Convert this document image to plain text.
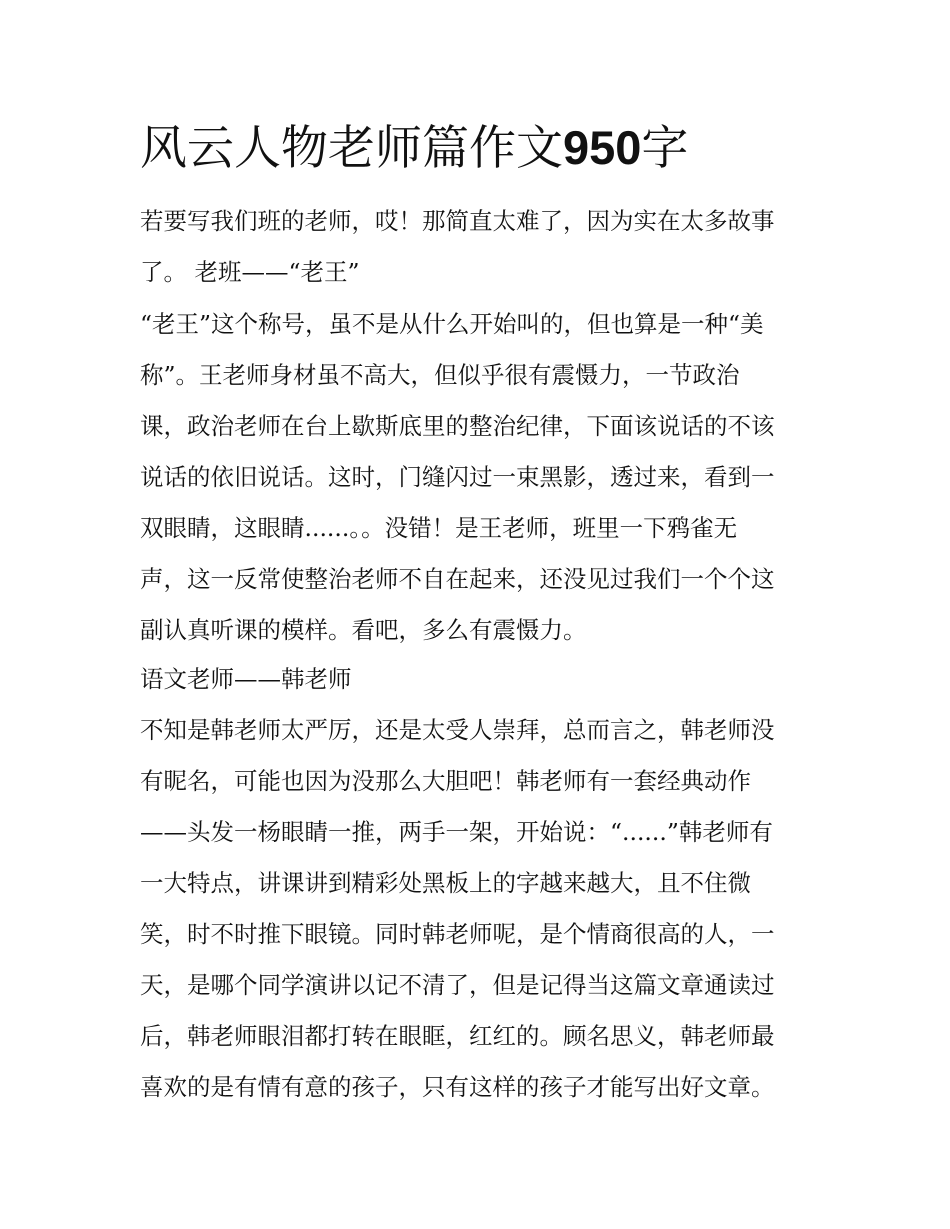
风云人物老师篇作文950字
若要写我们班的老师，哎！那简直太难了，因为实在太多故事
了。 老班——“老王”
“老王”这个称号，虽不是从什么开始叫的，但也算是一种“美
称”。王老师身材虽不高大，但似乎很有震慑力，一节政治
课，政治老师在台上歇斯底里的整治纪律，下面该说话的不该
说话的依旧说话。这时，门缝闪过一束黑影，透过来，看到一
双眼睛，这眼睛......。。没错！是王老师，班里一下鸦雀无
声，这一反常使整治老师不自在起来，还没见过我们一个个这
副认真听课的模样。看吧，多么有震慑力。
语文老师——韩老师
不知是韩老师太严厉，还是太受人崇拜，总而言之，韩老师没
有昵名，可能也因为没那么大胆吧！韩老师有一套经典动作
——头发一杨眼睛一推，两手一架，开始说：“......”韩老师有
一大特点，讲课讲到精彩处黑板上的字越来越大，且不住微
笑，时不时推下眼镜。同时韩老师呢，是个情商很高的人，一
天，是哪个同学演讲以记不清了，但是记得当这篇文章通读过
后，韩老师眼泪都打转在眼眶，红红的。顾名思义，韩老师最
喜欢的是有情有意的孩子，只有这样的孩子才能写出好文章。
